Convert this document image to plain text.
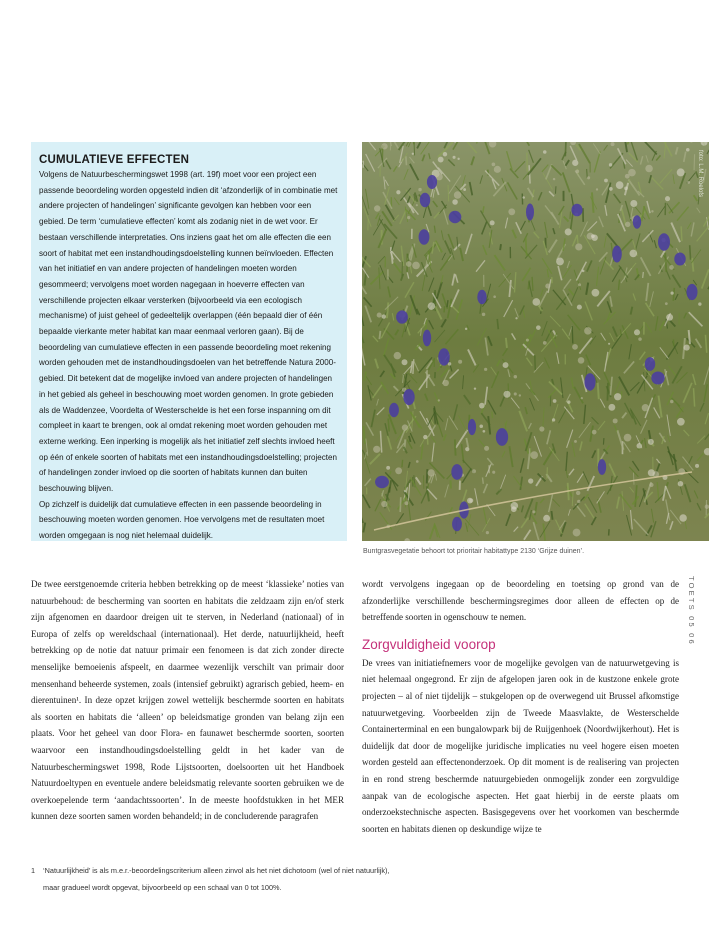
CUMULATIEVE EFFECTEN

Volgens de Natuurbeschermingswet 1998 (art. 19f) moet voor een project een passende beoordeling worden opgesteld indien dit ‘afzonderlijk of in combinatie met andere projecten of handelingen’ significante gevolgen kan hebben voor een gebied. De term ‘cumulatieve effecten’ komt als zodanig niet in de wet voor. Er bestaan verschillende interpretaties. Ons inziens gaat het om alle effecten die een soort of habitat met een instandhoudingsdoelstelling kunnen beïnvloeden. Effecten van het initiatief en van andere projecten of handelingen moeten worden gesommeerd; vervolgens moet worden nagegaan in hoeverre effecten van verschillende projecten elkaar versterken (bijvoorbeeld via een ecologisch mechanisme) of juist geheel of gedeeltelijk overlappen (één bepaald dier of één bepaalde vierkante meter habitat kan maar eenmaal verloren gaan). Bij de beoordeling van cumulatieve effecten in een passende beoordeling moet rekening worden gehouden met de instandhoudingsdoelen van het betreffende Natura 2000-gebied. Dit betekent dat de mogelijke invloed van andere projecten of handelingen in het gebied als geheel in beschouwing moet worden genomen. In grote gebieden als de Waddenzee, Voordelta of Westerschelde is het een forse inspanning om dit compleet in kaart te brengen, ook al omdat rekening moet worden gehouden met externe werking. Een inperking is mogelijk als het initiatief zelf slechts invloed heeft op één of enkele soorten of habitats met een instandhoudingsdoelstelling; projecten of handelingen zonder invloed op die soorten of habitats kunnen dan buiten beschouwing blijven.

Op zichzelf is duidelijk dat cumulatieve effecten in een passende beoordeling in beschouwing moeten worden genomen. Hoe vervolgens met de resultaten moet worden omgegaan is nog niet helemaal duidelijk.

foto: L.M. Roelofs
Buntgrasvegetatie behoort tot prioritair habitattype 2130 ‘Grijze duinen’.
TOETS 05 06

De twee eerstgenoemde criteria hebben betrekking op de meest ‘klassieke’ noties van natuurbehoud: de bescherming van soorten en habitats die zeldzaam zijn en/of sterk zijn afgenomen en daardoor dreigen uit te sterven, in Nederland (nationaal) of in Europa of zelfs op wereldschaal (internationaal). Het derde, natuurlijkheid, heeft betrekking op de notie dat natuur primair een fenomeen is dat zich zonder directe menselijke bemoeienis afspeelt, en daarmee wezenlijk verschilt van primair door mensenhand beheerde systemen, zoals (intensief gebruikt) agrarisch gebied, heem- en dierentuinen¹. In deze opzet krijgen zowel wettelijk beschermde soorten en habitats als soorten en habitats die ‘alleen’ op beleidsmatige gronden van belang zijn een plaats. Voor het geheel van door Flora- en faunawet beschermde soorten, soorten waarvoor een instandhoudingsdoelstelling geldt in het kader van de Natuurbeschermingswet 1998, Rode Lijstsoorten, doelsoorten uit het Handboek Natuurdoeltypen en eventuele andere beleidsmatig relevante soorten gebruiken we de overkoepelende term ‘aandachtssoorten’. In de meeste hoofdstukken in het MER kunnen deze soorten samen worden behandeld; in de concluderende paragrafen

wordt vervolgens ingegaan op de beoordeling en toetsing op grond van de afzonderlijke verschillende beschermingsregimes door alleen de effecten op de betreffende soorten in ogenschouw te nemen.

Zorgvuldigheid voorop

De vrees van initiatiefnemers voor de mogelijke gevolgen van de natuurwetgeving is niet helemaal ongegrond. Er zijn de afgelopen jaren ook in de kustzone enkele grote projecten – al of niet tijdelijk – stukgelopen op de overwegend uit Brussel afkomstige natuurwetgeving. Voorbeelden zijn de Tweede Maasvlakte, de Westerschelde Containerterminal en een bungalowpark bij de Ruijgenhoek (Noordwijkerhout). Het is duidelijk dat door de mogelijke juridische implicaties nu veel hogere eisen moeten worden gesteld aan effectenonderzoek. Op dit moment is de realisering van projecten in en rond streng beschermde natuurgebieden onmogelijk zonder een zorgvuldige aanpak van de ecologische aspecten. Het gaat hierbij in de eerste plaats om onderzoekstechnische aspecten. Basisgegevens over het voorkomen van beschermde soorten en habitats dienen op deskundige wijze te

1 ‘Natuurlijkheid’ is als m.e.r.-beoordelingscriterium alleen zinvol als het niet dichotoom (wel of niet natuurlijk),
maar gradueel wordt opgevat, bijvoorbeeld op een schaal van 0 tot 100%.
